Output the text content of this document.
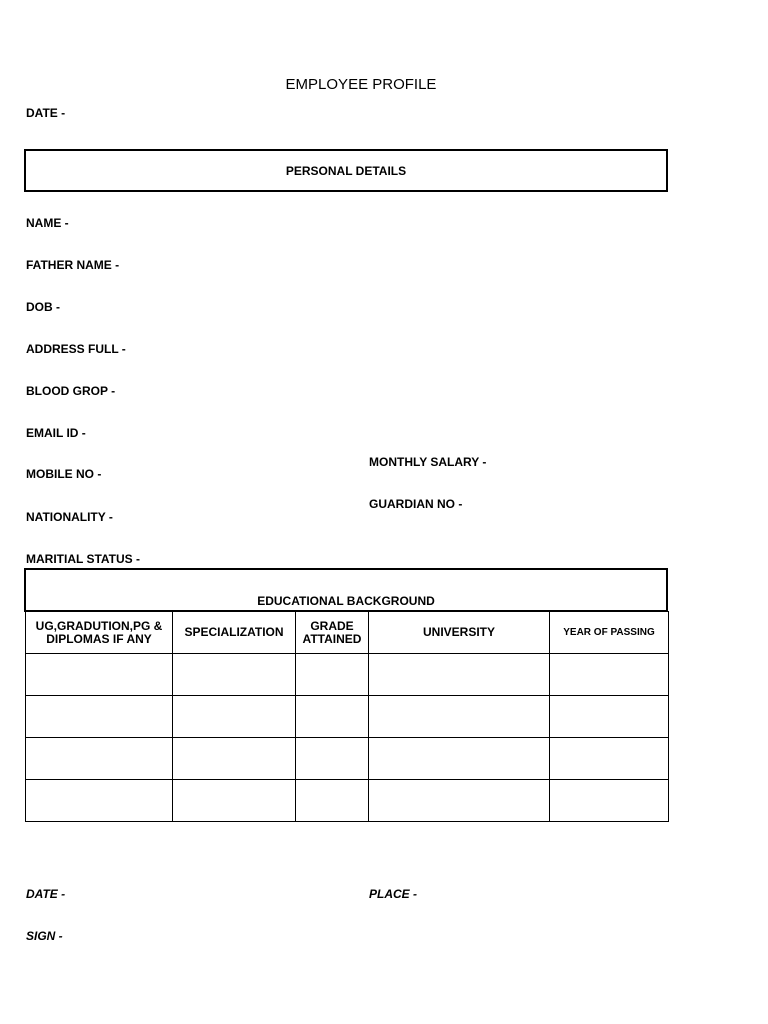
EMPLOYEE PROFILE
DATE -
PERSONAL DETAILS
NAME -
FATHER NAME -
DOB -
ADDRESS FULL -
BLOOD GROP -
EMAIL ID -
MONTHLY SALARY -
MOBILE NO -
GUARDIAN NO -
NATIONALITY -
MARITIAL STATUS -
EDUCATIONAL BACKGROUND
UG,GRADUTION,PG & DIPLOMAS IF ANY	SPECIALIZATION	GRADE ATTAINED	UNIVERSITY	YEAR OF PASSING

DATE -	PLACE -
SIGN -
